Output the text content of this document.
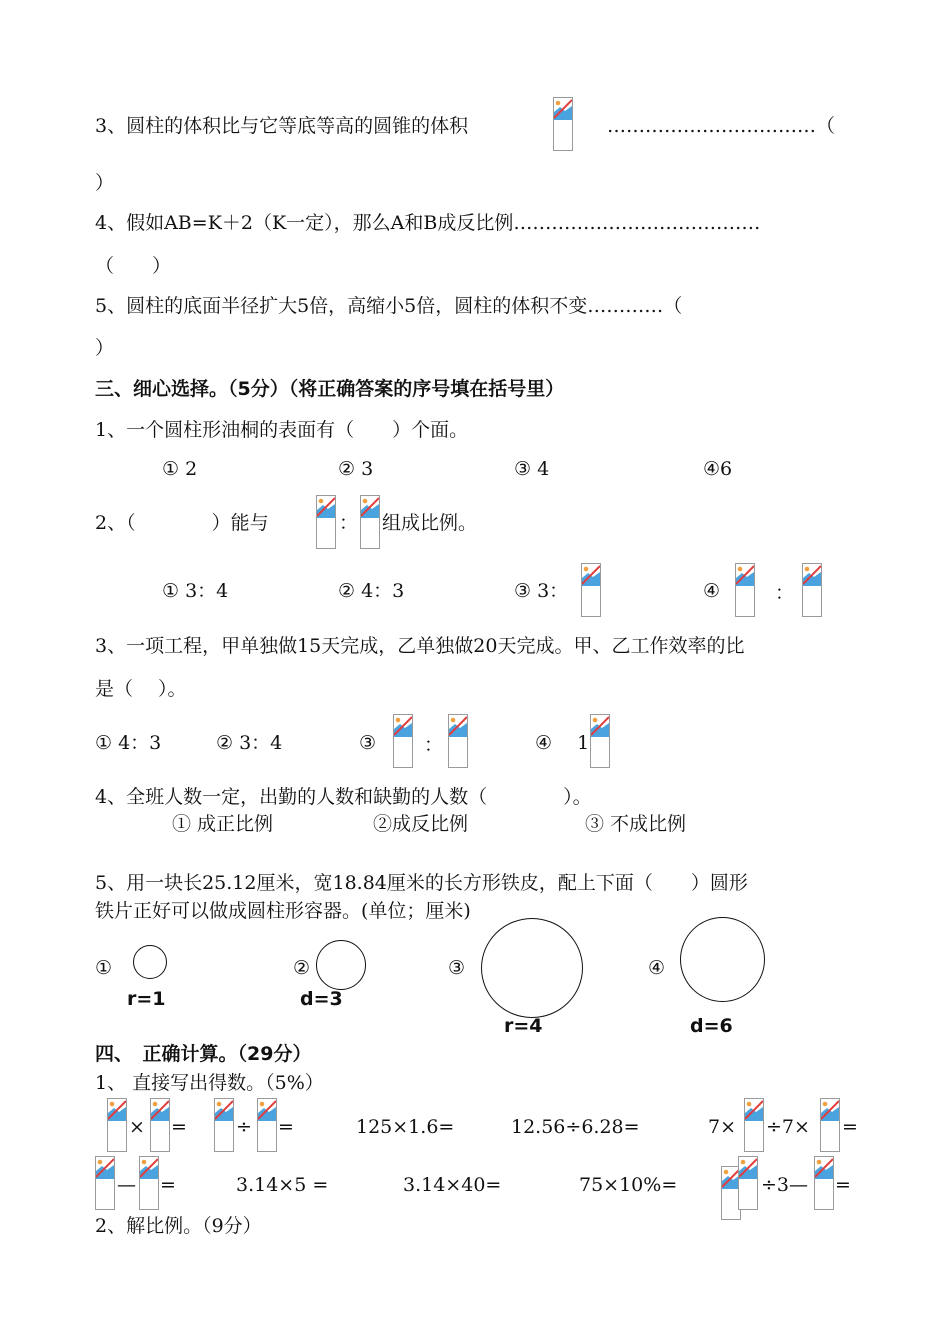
3、圆柱的体积比与它等底等高的圆锥的体积	……………………………（
）
4、假如AB=K＋2（K一定），那么A和B成反比例…………………………………
（　　）
5、圆柱的底面半径扩大5倍，高缩小5倍，圆柱的体积不变…………（
）
三、细心选择。（5分）（将正确答案的序号填在括号里）
1、一个圆柱形油桐的表面有（　　）个面。
① 2	② 3	③ 4	④6
2、（　　　　）能与	： 组成比例。
① 3：4	② 4：3	③ 3：	④	：
3、一项工程，甲单独做15天完成，乙单独做20天完成。甲、乙工作效率的比
是（　 ）。
① 4：3	② 3：4	③	：	④　 1
4、全班人数一定，出勤的人数和缺勤的人数（　　　　）。
① 成正比例	②成反比例	③ 不成比例
5、用一块长25.12厘米，宽18.84厘米的长方形铁皮，配上下面（　　）圆形
铁片正好可以做成圆柱形容器。(单位；厘米)
①
r=1
②
d=3
③
r=4
④
d=6
四、　正确计算。（29分）
1、 直接写出得数。（5%）
× =	÷ =	125×1.6=	12.56÷6.28=	7× ÷7× =
— =	3.14×5 =	3.14×40=	75×10%=	÷3— =
2、解比例。（9分）
